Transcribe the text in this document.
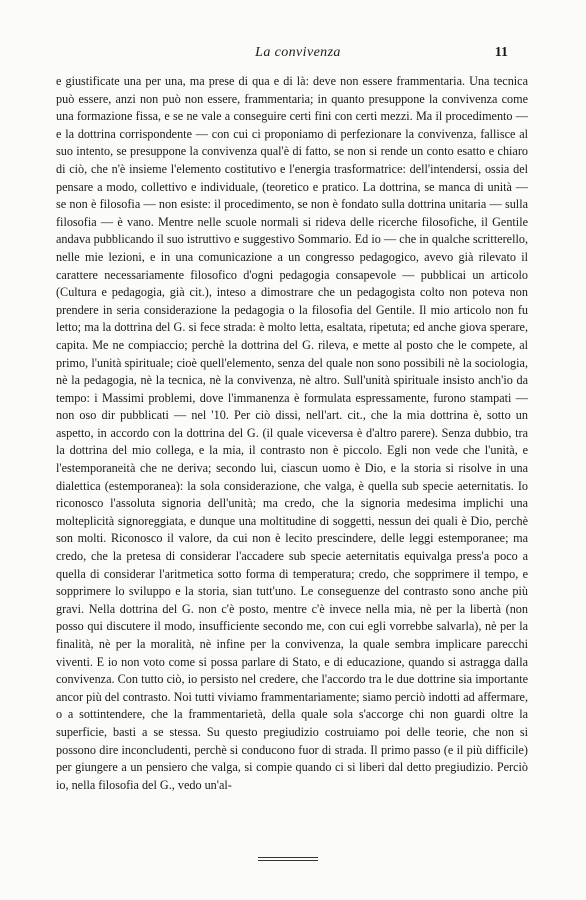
La convivenza	11

e giustificate una per una, ma prese di qua e di là: deve non essere frammentaria. Una tecnica può essere, anzi non può non essere, frammentaria; in quanto presuppone la convivenza come una formazione fissa, e se ne vale a conseguire certi fini con certi mezzi. Ma il procedimento — e la dottrina corrispondente — con cui ci proponiamo di perfezionare la convivenza, fallisce al suo intento, se presuppone la convivenza qual'è di fatto, se non si rende un conto esatto e chiaro di ciò, che n'è insieme l'elemento costitutivo e l'energia trasformatrice: dell'intendersi, ossia del pensare a modo, collettivo e individuale, (teoretico e pratico. La dottrina, se manca di unità — se non è filosofia — non esiste: il procedimento, se non è fondato sulla dottrina unitaria — sulla filosofia — è vano. Mentre nelle scuole normali si rideva delle ricerche filosofiche, il Gentile andava pubblicando il suo istruttivo e suggestivo Sommario. Ed io — che in qualche scritterello, nelle mie lezioni, e in una comunicazione a un congresso pedagogico, avevo già rilevato il carattere necessariamente filosofico d'ogni pedagogia consapevole — pubblicai un articolo (Cultura e pedagogia, già cit.), inteso a dimostrare che un pedagogista colto non poteva non prendere in seria considerazione la pedagogia o la filosofia del Gentile. Il mio articolo non fu letto; ma la dottrina del G. si fece strada: è molto letta, esaltata, ripetuta; ed anche giova sperare, capita. Me ne compiaccio; perchè la dottrina del G. rileva, e mette al posto che le compete, al primo, l'unità spirituale; cioè quell'elemento, senza del quale non sono possibili nè la sociologia, nè la pedagogia, nè la tecnica, nè la convivenza, nè altro. Sull'unità spirituale insisto anch'io da tempo: i Massimi problemi, dove l'immanenza è formulata espressamente, furono stampati — non oso dir pubblicati — nel '10. Per ciò dissi, nell'art. cit., che la mia dottrina è, sotto un aspetto, in accordo con la dottrina del G. (il quale viceversa è d'altro parere). Senza dubbio, tra la dottrina del mio collega, e la mia, il contrasto non è piccolo. Egli non vede che l'unità, e l'estemporaneità che ne deriva; secondo lui, ciascun uomo è Dio, e la storia si risolve in una dialettica (estemporanea): la sola considerazione, che valga, è quella sub specie aeternitatis. Io riconosco l'assoluta signoria dell'unità; ma credo, che la signoria medesima implichi una molteplicità signoreggiata, e dunque una moltitudine di soggetti, nessun dei quali è Dio, perchè son molti. Riconosco il valore, da cui non è lecito prescindere, delle leggi estemporanee; ma credo, che la pretesa di considerar l'accadere sub specie aeternitatis equivalga press'a poco a quella di considerar l'aritmetica sotto forma di temperatura; credo, che sopprimere il tempo, e sopprimere lo sviluppo e la storia, sian tutt'uno. Le conseguenze del contrasto sono anche più gravi. Nella dottrina del G. non c'è posto, mentre c'è invece nella mia, nè per la libertà (non posso qui discutere il modo, insufficiente secondo me, con cui egli vorrebbe salvarla), nè per la finalità, nè per la moralità, nè infine per la convivenza, la quale sembra implicare parecchi viventi. E io non voto come si possa parlare di Stato, e di educazione, quando si astragga dalla convivenza. Con tutto ciò, io persisto nel credere, che l'accordo tra le due dottrine sia importante ancor più del contrasto. Noi tutti viviamo frammentariamente; siamo perciò indotti ad affermare, o a sottintendere, che la frammentarietà, della quale sola s'accorge chi non guardi oltre la superficie, basti a se stessa. Su questo pregiudizio costruiamo poi delle teorie, che non si possono dire inconcludenti, perchè si conducono fuor di strada. Il primo passo (e il più difficile) per giungere a un pensiero che valga, si compie quando ci si liberi dal detto pregiudizio. Perciò io, nella filosofia del G., vedo un'al-
